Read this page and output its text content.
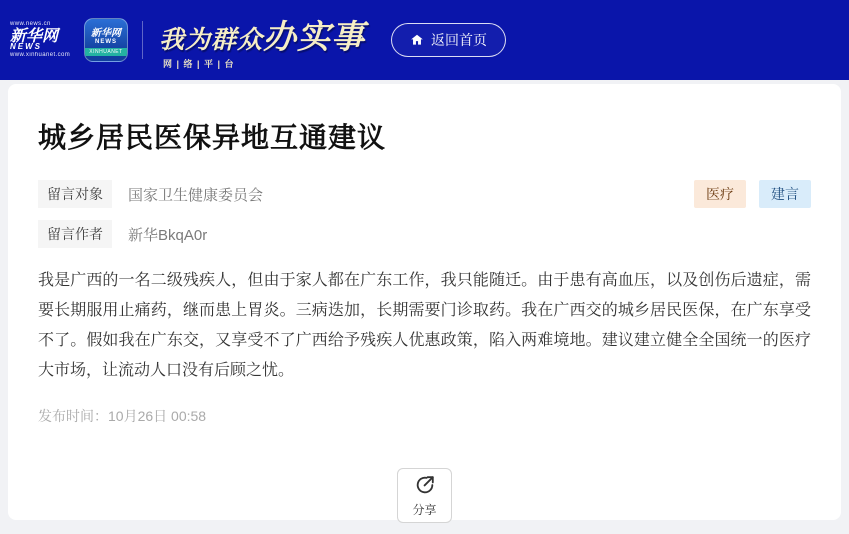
www.news.cn
新华网
NEWS
www.xinhuanet.com
新华网
NEWS
XINHUANET 我为群众办实事
网 | 络 | 平 | 台
返回首页
城乡居民医保异地互通建议
留言对象	国家卫生健康委员会	医疗	建言
留言作者	新华BkqA0r

我是广西的一名二级残疾人，但由于家人都在广东工作，我只能随迁。由于患有高血压，以及创伤后遗症，需要长期服用止痛药，继而患上胃炎。三病迭加，长期需要门诊取药。我在广西交的城乡居民医保，在广东享受不了。假如我在广东交，又享受不了广西给予残疾人优惠政策，陷入两难境地。建议建立健全全国统一的医疗大市场，让流动人口没有后顾之忧。

发布时间：10月26日 00:58
分享
